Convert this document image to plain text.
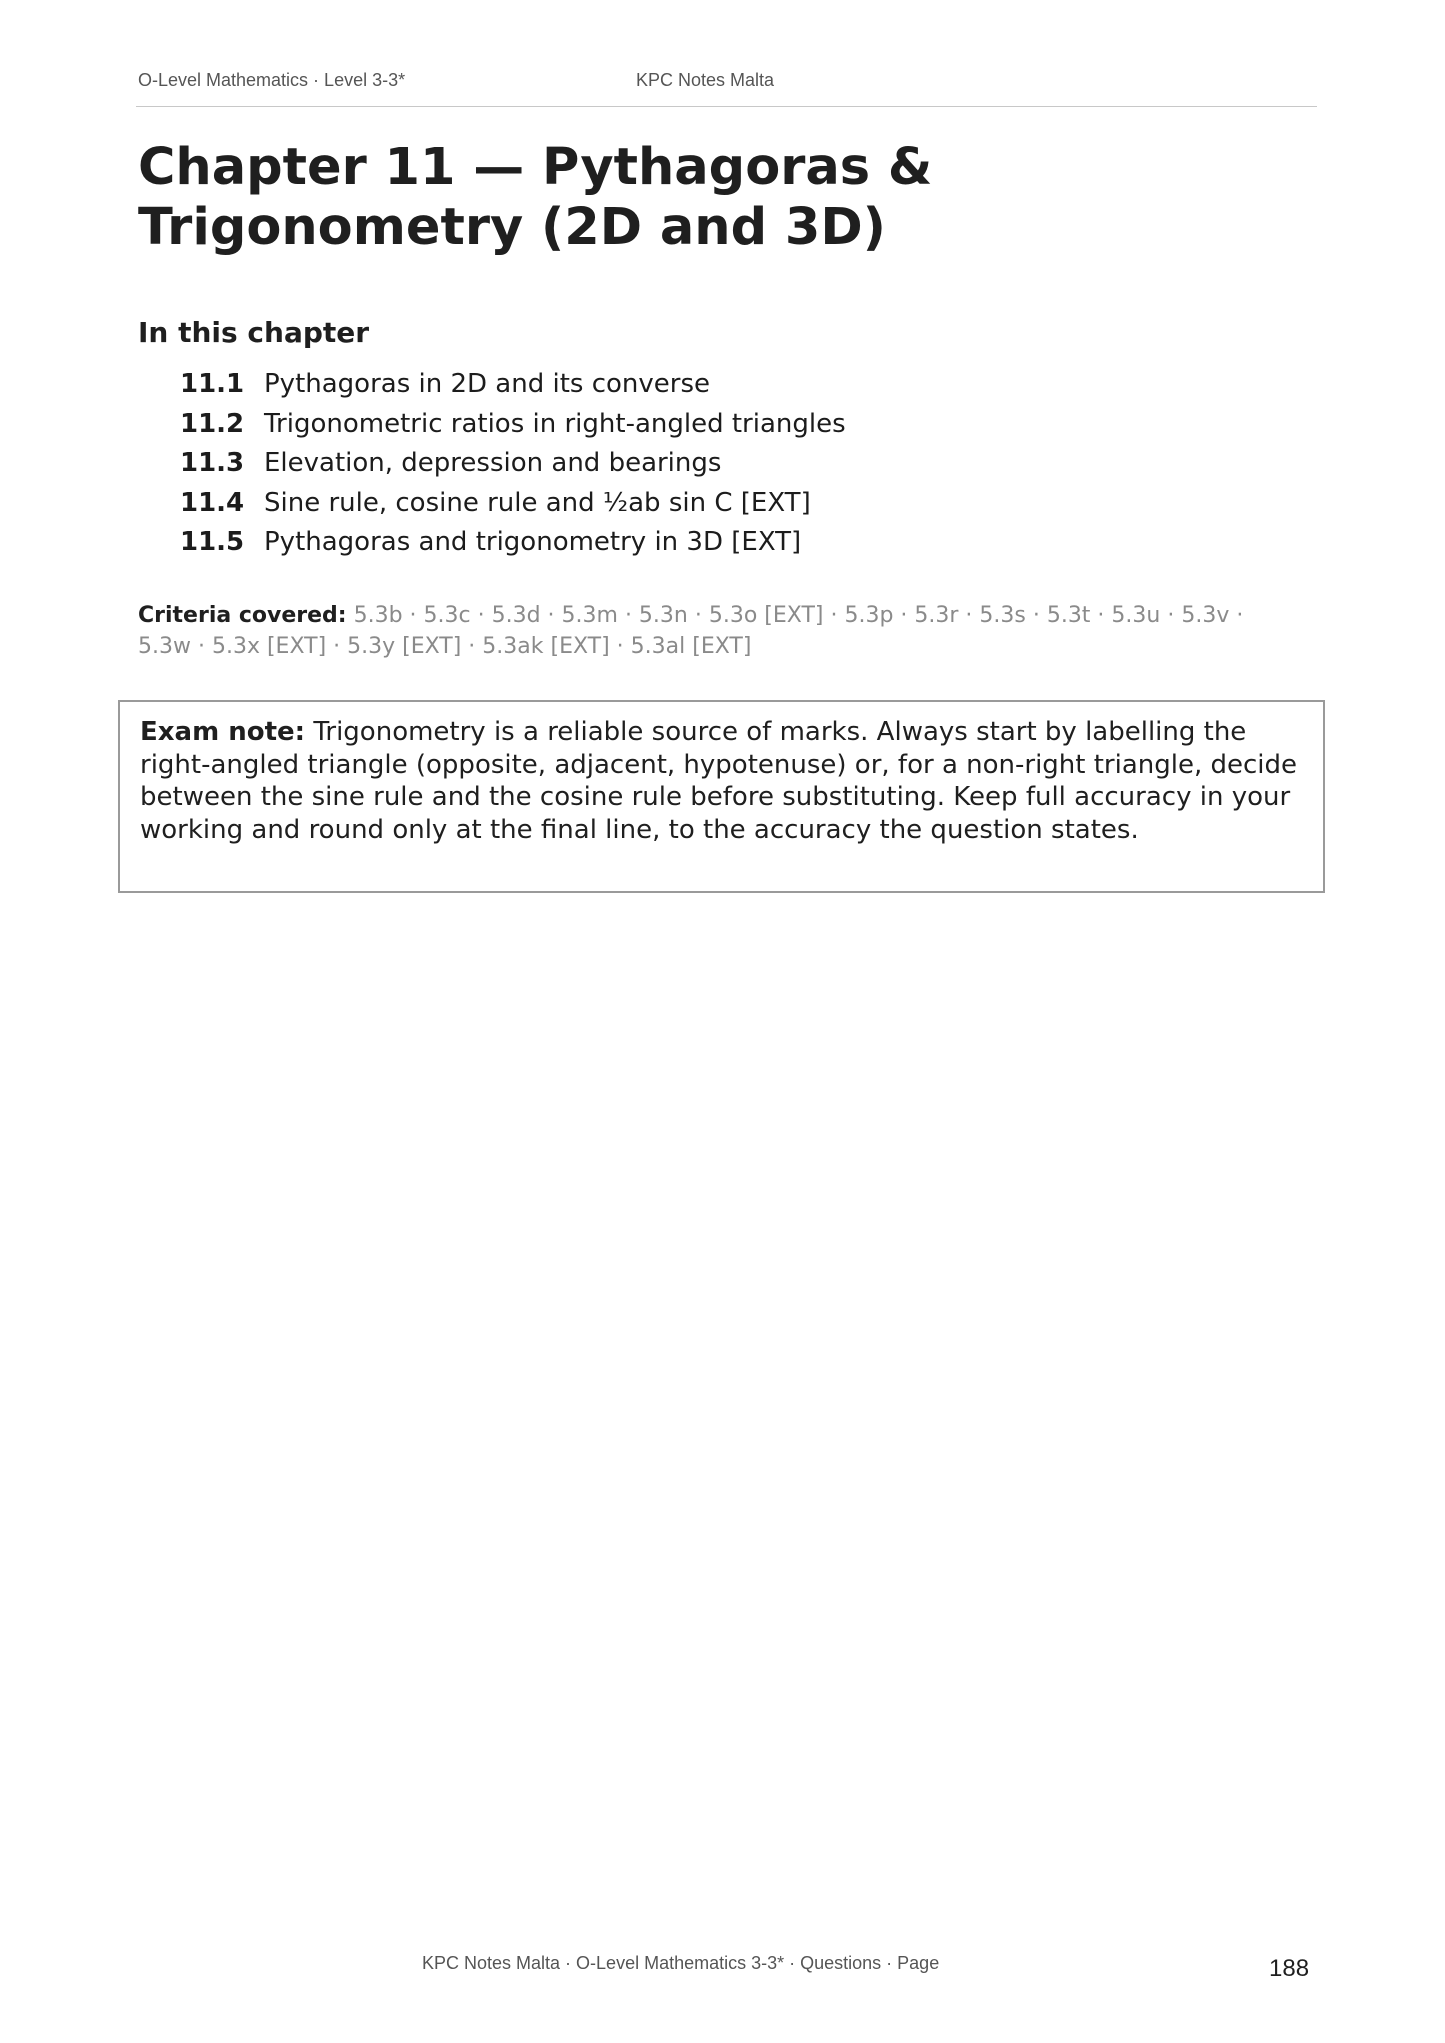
O-Level Mathematics · Level 3-3*	KPC Notes Malta
Chapter 11 — Pythagoras & Trigonometry (2D and 3D)
In this chapter
11.1 Pythagoras in 2D and its converse
11.2 Trigonometric ratios in right-angled triangles
11.3 Elevation, depression and bearings
11.4 Sine rule, cosine rule and ½ab sin C [EXT]
11.5 Pythagoras and trigonometry in 3D [EXT]
Criteria covered: 5.3b · 5.3c · 5.3d · 5.3m · 5.3n · 5.3o [EXT] · 5.3p · 5.3r · 5.3s · 5.3t · 5.3u · 5.3v · 5.3w · 5.3x [EXT] · 5.3y [EXT] · 5.3ak [EXT] · 5.3al [EXT]
Exam note: Trigonometry is a reliable source of marks. Always start by labelling the right-angled triangle (opposite, adjacent, hypotenuse) or, for a non-right triangle, decide between the sine rule and the cosine rule before substituting. Keep full accuracy in your working and round only at the final line, to the accuracy the question states.
KPC Notes Malta · O-Level Mathematics 3-3* · Questions · Page	188
